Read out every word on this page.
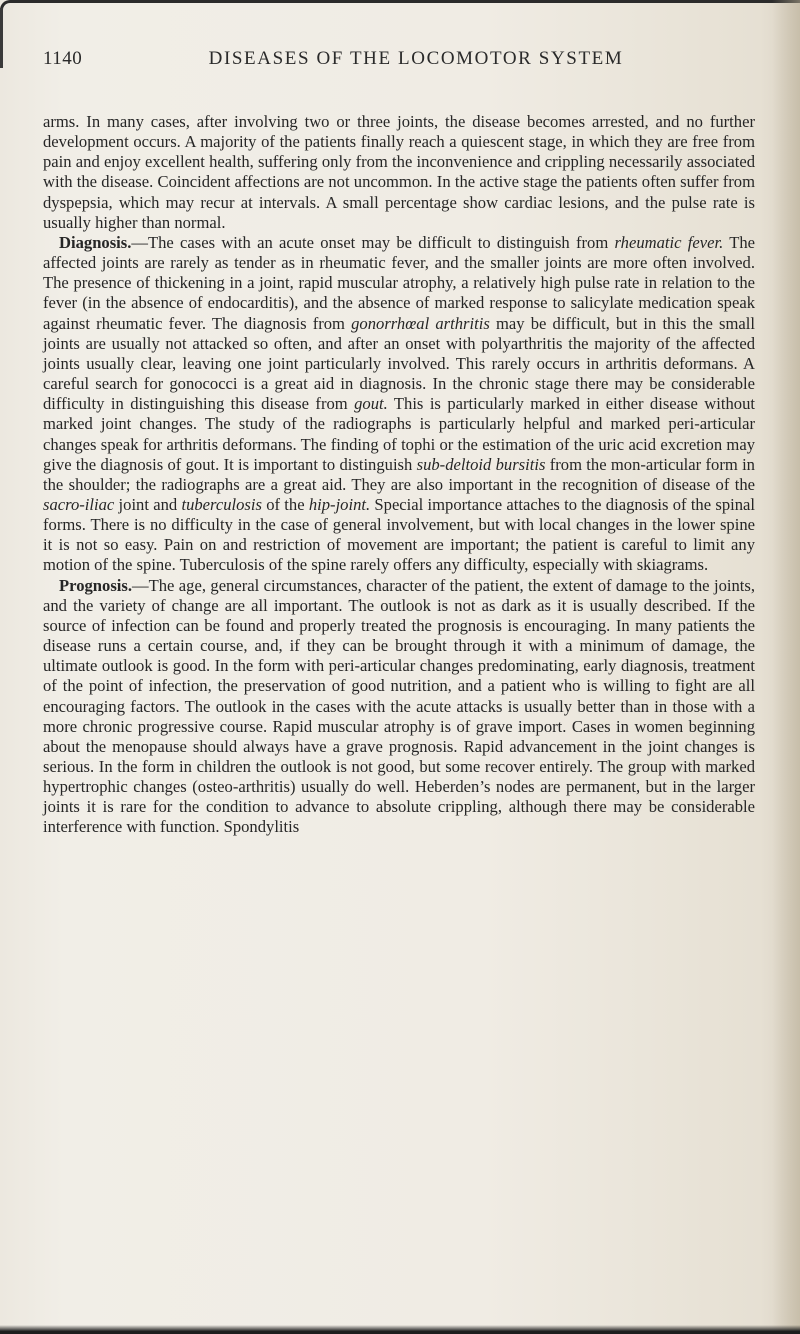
1140	DISEASES OF THE LOCOMOTOR SYSTEM

arms. In many cases, after involving two or three joints, the disease becomes arrested, and no further development occurs. A majority of the patients finally reach a quiescent stage, in which they are free from pain and enjoy excellent health, suffering only from the inconvenience and crippling necessarily associated with the disease. Coincident affections are not uncommon. In the active stage the patients often suffer from dyspepsia, which may recur at intervals. A small percentage show cardiac lesions, and the pulse rate is usually higher than normal.

Diagnosis.—The cases with an acute onset may be difficult to distinguish from rheumatic fever. The affected joints are rarely as tender as in rheumatic fever, and the smaller joints are more often involved. The presence of thickening in a joint, rapid muscular atrophy, a relatively high pulse rate in relation to the fever (in the absence of endocarditis), and the absence of marked response to salicylate medication speak against rheumatic fever. The diagnosis from gonorrhœal arthritis may be difficult, but in this the small joints are usually not attacked so often, and after an onset with polyarthritis the majority of the affected joints usually clear, leaving one joint particularly involved. This rarely occurs in arthritis deformans. A careful search for gonococci is a great aid in diagnosis. In the chronic stage there may be considerable difficulty in distinguishing this disease from gout. This is particularly marked in either disease without marked joint changes. The study of the radiographs is particularly helpful and marked peri-articular changes speak for arthritis deformans. The finding of tophi or the estimation of the uric acid excretion may give the diagnosis of gout. It is important to distinguish sub-deltoid bursitis from the mon-articular form in the shoulder; the radiographs are a great aid. They are also important in the recognition of disease of the sacro-iliac joint and tuberculosis of the hip-joint. Special importance attaches to the diagnosis of the spinal forms. There is no difficulty in the case of general involvement, but with local changes in the lower spine it is not so easy. Pain on and restriction of movement are important; the patient is careful to limit any motion of the spine. Tuberculosis of the spine rarely offers any difficulty, especially with skiagrams.

Prognosis.—The age, general circumstances, character of the patient, the extent of damage to the joints, and the variety of change are all important. The outlook is not as dark as it is usually described. If the source of infection can be found and properly treated the prognosis is encouraging. In many patients the disease runs a certain course, and, if they can be brought through it with a minimum of damage, the ultimate outlook is good. In the form with peri-articular changes predominating, early diagnosis, treatment of the point of infection, the preservation of good nutrition, and a patient who is willing to fight are all encouraging factors. The outlook in the cases with the acute attacks is usually better than in those with a more chronic progressive course. Rapid muscular atrophy is of grave import. Cases in women beginning about the menopause should always have a grave prognosis. Rapid advancement in the joint changes is serious. In the form in children the outlook is not good, but some recover entirely. The group with marked hypertrophic changes (osteo-arthritis) usually do well. Heberden’s nodes are permanent, but in the larger joints it is rare for the condition to advance to absolute crippling, although there may be considerable interference with function. Spondylitis
